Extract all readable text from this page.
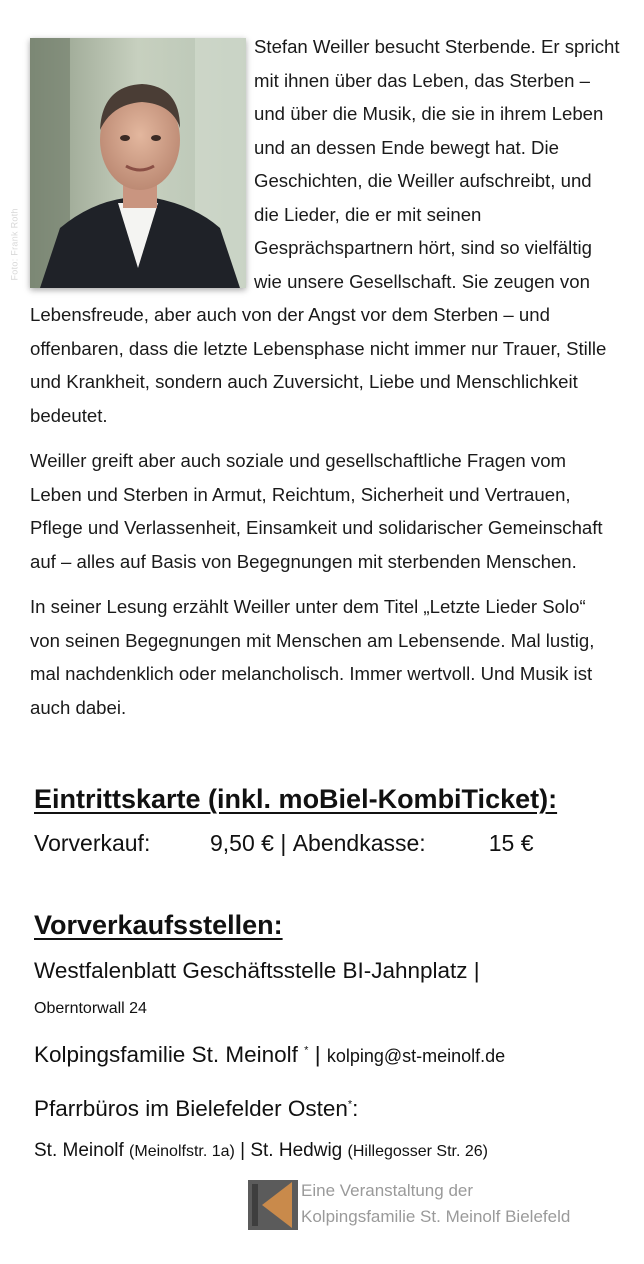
Foto: Frank Roth

Stefan Weiller besucht Sterbende. Er spricht mit ihnen über das Leben, das Sterben – und über die Musik, die sie in ihrem Leben und an dessen Ende bewegt hat. Die Geschichten, die Weiller aufschreibt, und die Lieder, die er mit seinen Gesprächspartnern hört, sind so vielfältig wie unsere Gesellschaft. Sie zeugen von Lebensfreude, aber auch von der Angst vor dem Sterben – und offenbaren, dass die letzte Lebensphase nicht immer nur Trauer, Stille und Krankheit, sondern auch Zuversicht, Liebe und Menschlichkeit bedeutet.

Weiller greift aber auch soziale und gesellschaftliche Fragen vom Leben und Sterben in Armut, Reichtum, Sicherheit und Vertrauen, Pflege und Verlassenheit, Einsamkeit und solidarischer Gemeinschaft auf – alles auf Basis von Begegnungen mit sterbenden Menschen.

In seiner Lesung erzählt Weiller unter dem Titel „Letzte Lieder Solo“ von seinen Begegnungen mit Menschen am Lebensende. Mal lustig, mal nachdenklich oder melancholisch. Immer wertvoll. Und Musik ist auch dabei.

Eintrittskarte (inkl. moBiel-KombiTicket):
Vorverkauf:	9,50 € | Abendkasse:	15 €
Vorverkaufsstellen:
Westfalenblatt Geschäftsstelle BI-Jahnplatz |
Oberntorwall 24
Kolpingsfamilie St. Meinolf * | kolping@st-meinolf.de
Pfarrbüros im Bielefelder Osten*:
St. Meinolf (Meinolfstr. 1a) | St. Hedwig (Hillegosser Str. 26)
Eine Veranstaltung der
Kolpingsfamilie St. Meinolf Bielefeld
